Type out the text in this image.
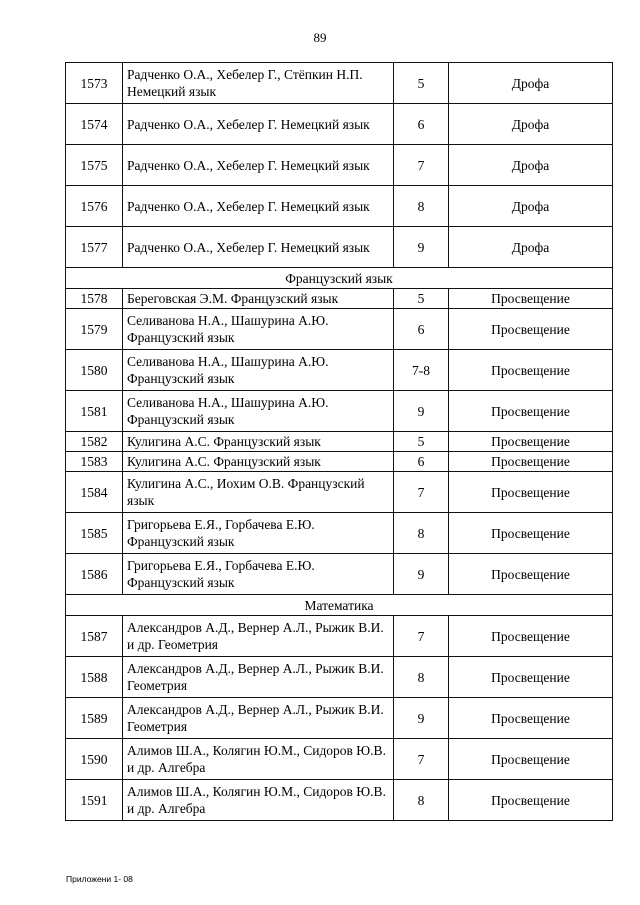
89
1573	Радченко О.А., Хебелер Г., Стёпкин Н.П. Немецкий язык	5	Дрофа
1574	Радченко О.А., Хебелер Г. Немецкий язык	6	Дрофа
1575	Радченко О.А., Хебелер Г. Немецкий язык	7	Дрофа
1576	Радченко О.А., Хебелер Г. Немецкий язык	8	Дрофа
1577	Радченко О.А., Хебелер Г. Немецкий язык	9	Дрофа
Французский язык			
1578	Береговская Э.М. Французский язык	5	Просвещение
1579	Селиванова Н.А., Шашурина А.Ю. Французский язык	6	Просвещение
1580	Селиванова Н.А., Шашурина А.Ю. Французский язык	7-8	Просвещение
1581	Селиванова Н.А., Шашурина А.Ю. Французский язык	9	Просвещение
1582	Кулигина А.С. Французский язык	5	Просвещение
1583	Кулигина А.С. Французский язык	6	Просвещение
1584	Кулигина А.С., Иохим О.В. Французский язык	7	Просвещение
1585	Григорьева Е.Я., Горбачева Е.Ю. Французский язык	8	Просвещение
1586	Григорьева Е.Я., Горбачева Е.Ю. Французский язык	9	Просвещение
Математика			
1587	Александров А.Д., Вернер А.Л., Рыжик В.И. и др. Геометрия	7	Просвещение
1588	Александров А.Д., Вернер А.Л., Рыжик В.И. Геометрия	8	Просвещение
1589	Александров А.Д., Вернер А.Л., Рыжик В.И. Геометрия	9	Просвещение
1590	Алимов Ш.А., Колягин Ю.М., Сидоров Ю.В. и др. Алгебра	7	Просвещение
1591	Алимов Ш.А., Колягин Ю.М., Сидоров Ю.В. и др. Алгебра	8	Просвещение
Приложени 1- 08
